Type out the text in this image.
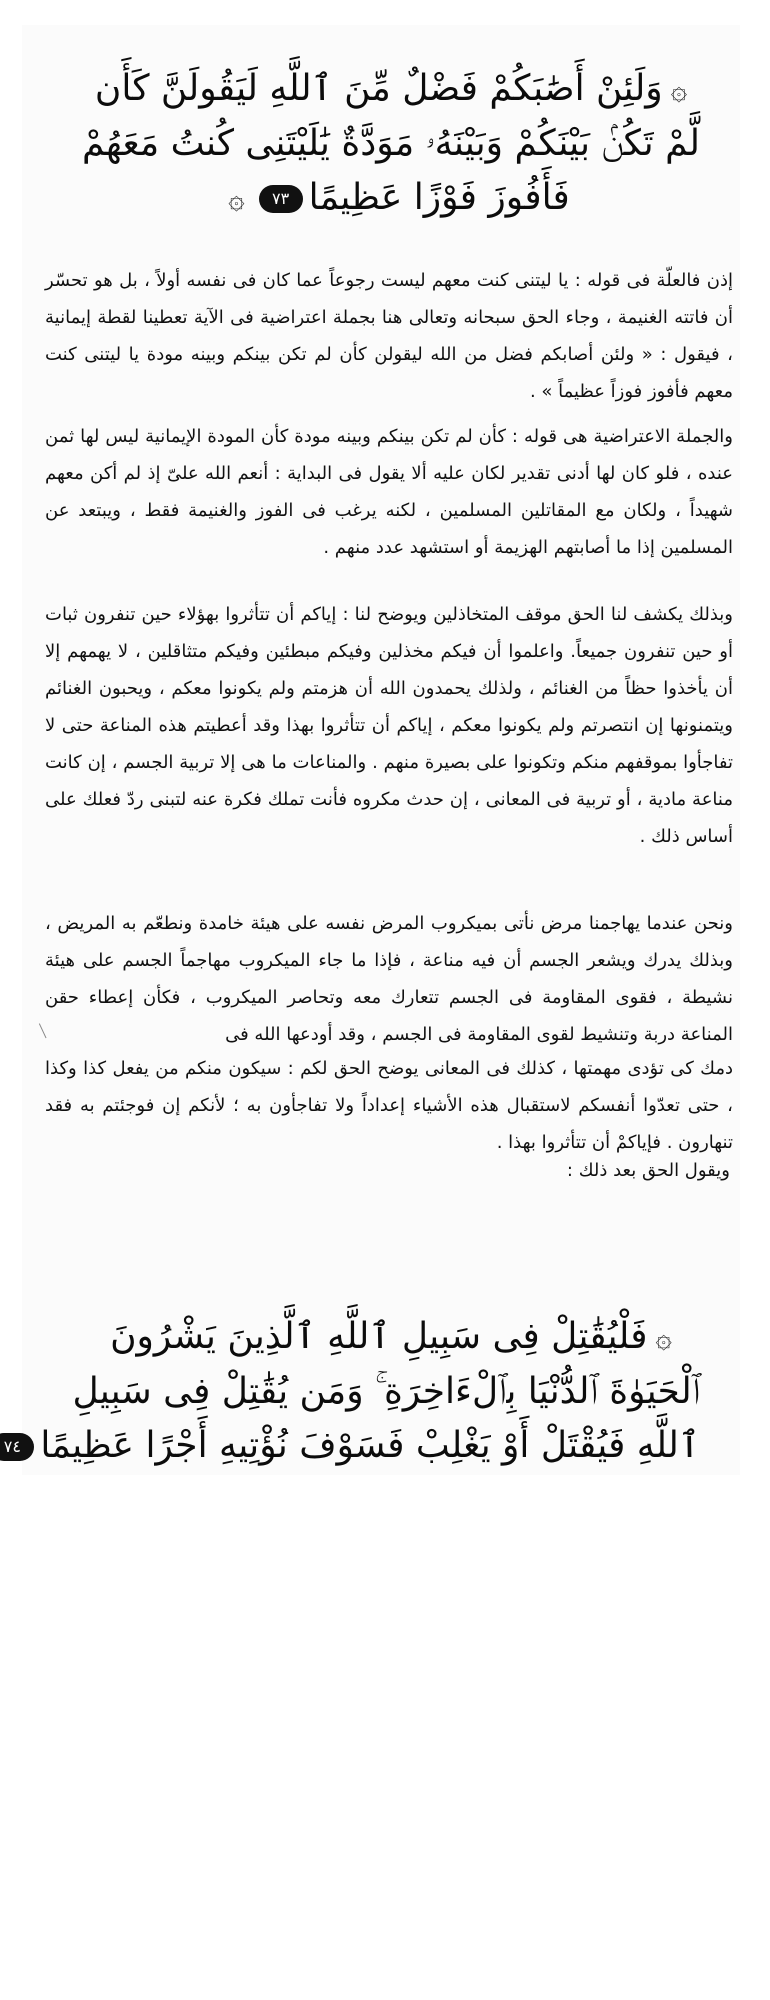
۞وَلَئِنْ أَصَٰبَكُمْ فَضْلٌ مِّنَ ٱللَّهِ لَيَقُولَنَّ كَأَن
لَّمْ تَكُنۢ بَيْنَكُمْ وَبَيْنَهُۥ مَوَدَّةٌ يَٰلَيْتَنِى كُنتُ مَعَهُمْ
فَأَفُوزَ فَوْزًا عَظِيمًا٧٣۞
إذن فالعلّة فى قوله : يا ليتنى كنت معهم ليست رجوعاً عما كان فى نفسه أولاً ، بل هو تحسّر أن فاتته الغنيمة ، وجاء الحق سبحانه وتعالى هنا بجملة اعتراضية فى الآية تعطينا لقطة إيمانية ، فيقول : « ولئن أصابكم فضل من الله ليقولن كأن لم تكن بينكم وبينه مودة يا ليتنى كنت معهم فأفوز فوزاً عظيماً » .
والجملة الاعتراضية هى قوله : كأن لم تكن بينكم وبينه مودة كأن المودة الإيمانية ليس لها ثمن عنده ، فلو كان لها أدنى تقدير لكان عليه ألا يقول فى البداية : أنعم الله علىّ إذ لم أكن معهم شهيداً ، ولكان مع المقاتلين المسلمين ، لكنه يرغب فى الفوز والغنيمة فقط ، ويبتعد عن المسلمين إذا ما أصابتهم الهزيمة أو استشهد عدد منهم .
وبذلك يكشف لنا الحق موقف المتخاذلين ويوضح لنا : إياكم أن تتأثروا بهؤلاء حين تنفرون ثبات أو حين تنفرون جميعاً. واعلموا أن فيكم مخذلين وفيكم مبطئين وفيكم متثاقلين ، لا يهمهم إلا أن يأخذوا حظاً من الغنائم ، ولذلك يحمدون الله أن هزمتم ولم يكونوا معكم ، ويحبون الغنائم ويتمنونها إن انتصرتم ولم يكونوا معكم ، إياكم أن تتأثروا بهذا وقد أعطيتم هذه المناعة حتى لا تفاجأوا بموقفهم منكم وتكونوا على بصيرة منهم . والمناعات ما هى إلا تربية الجسم ، إن كانت مناعة مادية ، أو تربية فى المعانى ، إن حدث مكروه فأنت تملك فكرة عنه لتبنى ردّ فعلك على أساس ذلك .
ونحن عندما يهاجمنا مرض نأتى بميكروب المرض نفسه على هيئة خامدة ونطعّم به المريض ، وبذلك يدرك ويشعر الجسم أن فيه مناعة ، فإذا ما جاء الميكروب مهاجماً الجسم على هيئة نشيطة ، فقوى المقاومة فى الجسم تتعارك معه وتحاصر الميكروب ، فكأن إعطاء حقن المناعة دربة وتنشيط لقوى المقاومة فى الجسم ، وقد أودعها الله فى
دمك كى تؤدى مهمتها ، كذلك فى المعانى يوضح الحق لكم : سيكون منكم من يفعل كذا وكذا ، حتى تعدّوا أنفسكم لاستقبال هذه الأشياء إعداداً ولا تفاجأون به ؛ لأنكم إن فوجئتم به فقد تنهارون . فإياكمْ أن تتأثروا بهذا .
ويقول الحق بعد ذلك :
۞فَلْيُقَٰتِلْ فِى سَبِيلِ ٱللَّهِ ٱلَّذِينَ يَشْرُونَ
ٱلْحَيَوٰةَ ٱلدُّنْيَا بِٱلْءَاخِرَةِ ۚ وَمَن يُقَٰتِلْ فِى سَبِيلِ
ٱللَّهِ فَيُقْتَلْ أَوْ يَغْلِبْ فَسَوْفَ نُؤْتِيهِ أَجْرًا عَظِيمًا٧٤
